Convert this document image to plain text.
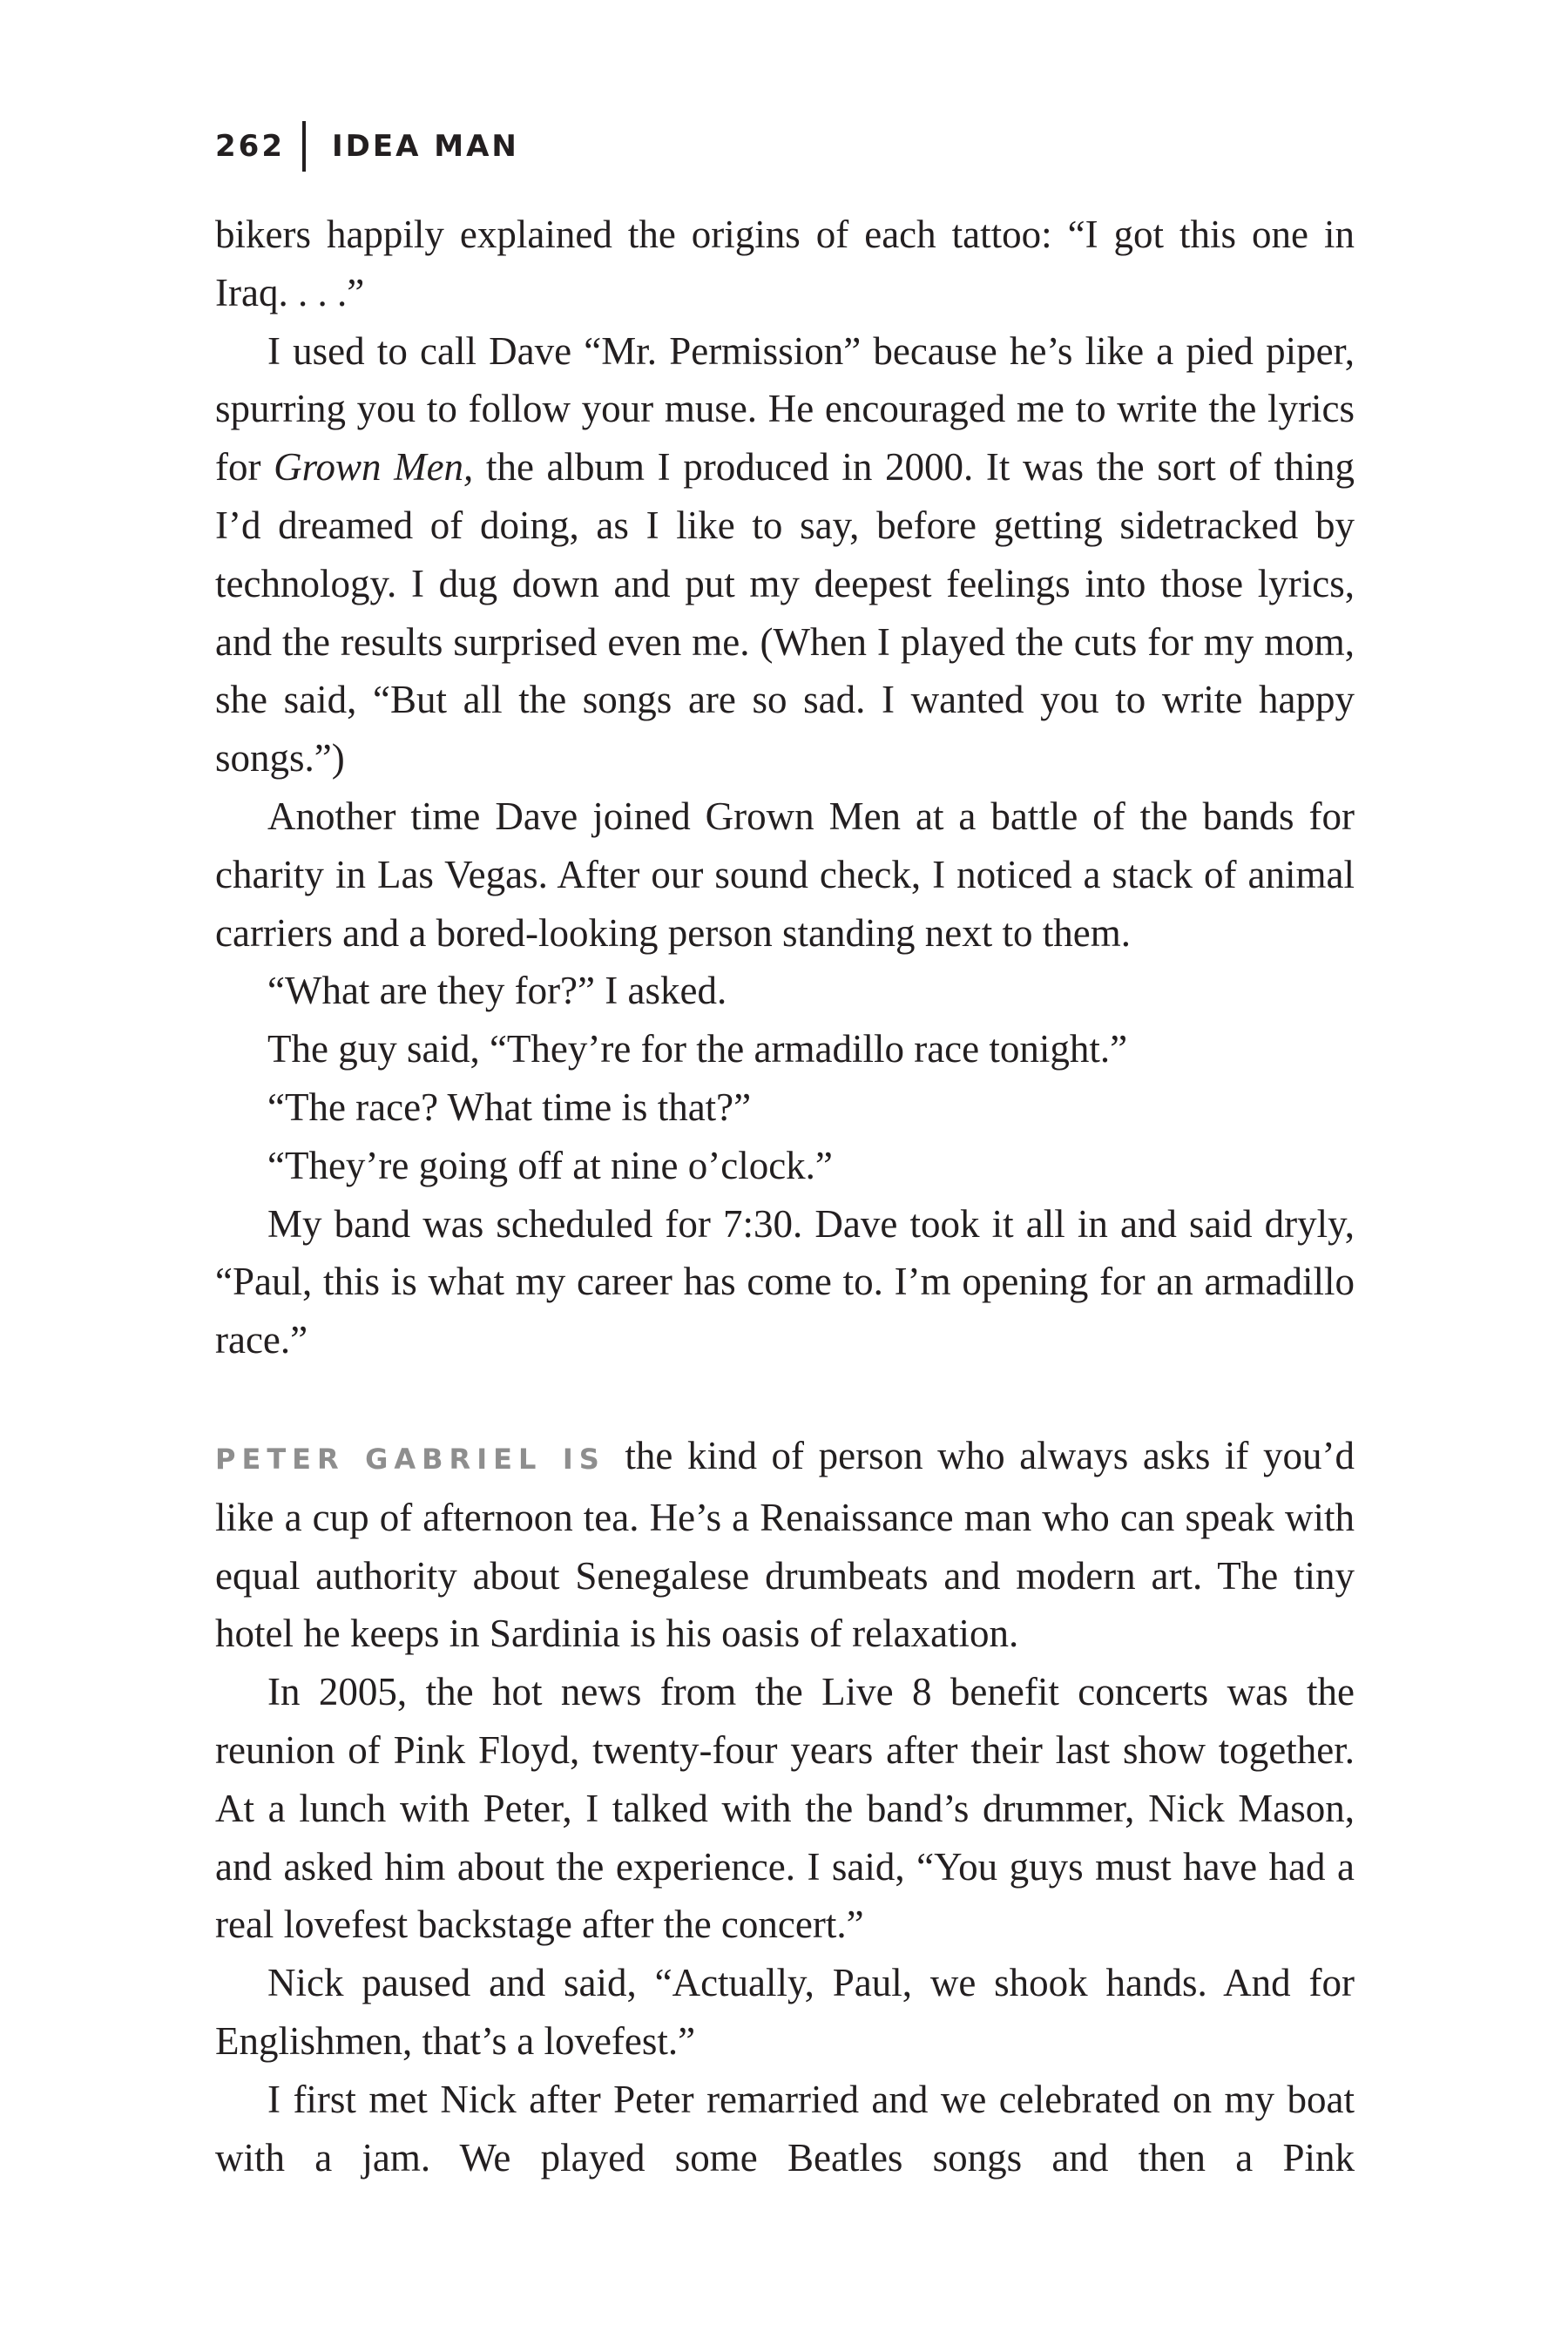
262 IDEA MAN

bikers happily explained the origins of each tattoo: “I got this one in Iraq. . . .”

I used to call Dave “Mr. Permission” because he’s like a pied piper, spurring you to follow your muse. He encouraged me to write the lyrics for Grown Men, the album I produced in 2000. It was the sort of thing I’d dreamed of doing, as I like to say, before getting sidetracked by technology. I dug down and put my deepest feelings into those lyrics, and the results surprised even me. (When I played the cuts for my mom, she said, “But all the songs are so sad. I wanted you to write happy songs.”)

Another time Dave joined Grown Men at a battle of the bands for charity in Las Vegas. After our sound check, I noticed a stack of animal carriers and a bored-looking person standing next to them.

“What are they for?” I asked.

The guy said, “They’re for the armadillo race tonight.”

“The race? What time is that?”

“They’re going off at nine o’clock.”

My band was scheduled for 7:30. Dave took it all in and said dryly, “Paul, this is what my career has come to. I’m opening for an armadillo race.”

PETER GABRIEL IS the kind of person who always asks if you’d like a cup of afternoon tea. He’s a Renaissance man who can speak with equal authority about Senegalese drumbeats and modern art. The tiny hotel he keeps in Sardinia is his oasis of relaxation.

In 2005, the hot news from the Live 8 benefit concerts was the reunion of Pink Floyd, twenty-four years after their last show together. At a lunch with Peter, I talked with the band’s drummer, Nick Mason, and asked him about the experience. I said, “You guys must have had a real lovefest backstage after the concert.”

Nick paused and said, “Actually, Paul, we shook hands. And for Englishmen, that’s a lovefest.”

I first met Nick after Peter remarried and we celebrated on my boat with a jam. We played some Beatles songs and then a Pink
